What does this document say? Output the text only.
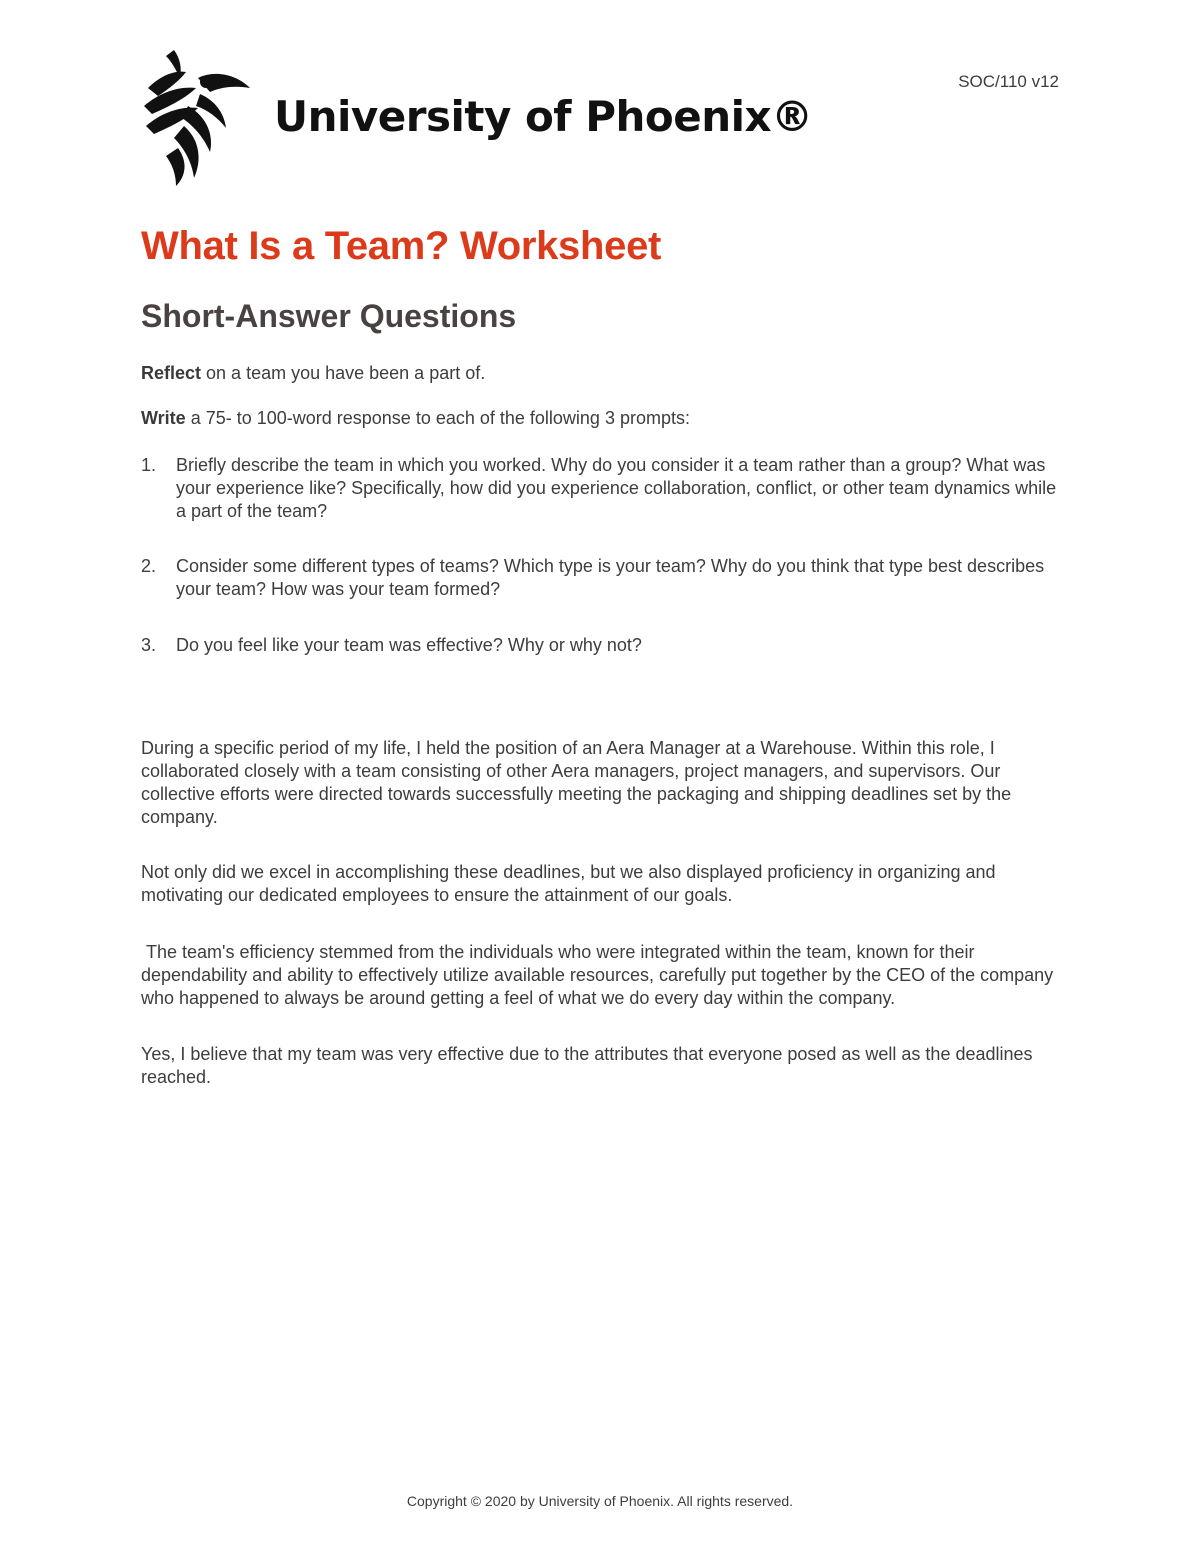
University of Phoenix®
SOC/110 v12
What Is a Team? Worksheet
Short-Answer Questions

Reflect on a team you have been a part of.

Write a 75- to 100-word response to each of the following 3 prompts:

1. Briefly describe the team in which you worked. Why do you consider it a team rather than a group? What was your experience like? Specifically, how did you experience collaboration, conflict, or other team dynamics while a part of the team?
2. Consider some different types of teams? Which type is your team? Why do you think that type best describes your team? How was your team formed?
3. Do you feel like your team was effective? Why or why not?

During a specific period of my life, I held the position of an Aera Manager at a Warehouse. Within this role, I collaborated closely with a team consisting of other Aera managers, project managers, and supervisors. Our collective efforts were directed towards successfully meeting the packaging and shipping deadlines set by the company.

Not only did we excel in accomplishing these deadlines, but we also displayed proficiency in organizing and motivating our dedicated employees to ensure the attainment of our goals.

The team's efficiency stemmed from the individuals who were integrated within the team, known for their dependability and ability to effectively utilize available resources, carefully put together by the CEO of the company who happened to always be around getting a feel of what we do every day within the company.

Yes, I believe that my team was very effective due to the attributes that everyone posed as well as the deadlines reached.

Copyright © 2020 by University of Phoenix. All rights reserved.
